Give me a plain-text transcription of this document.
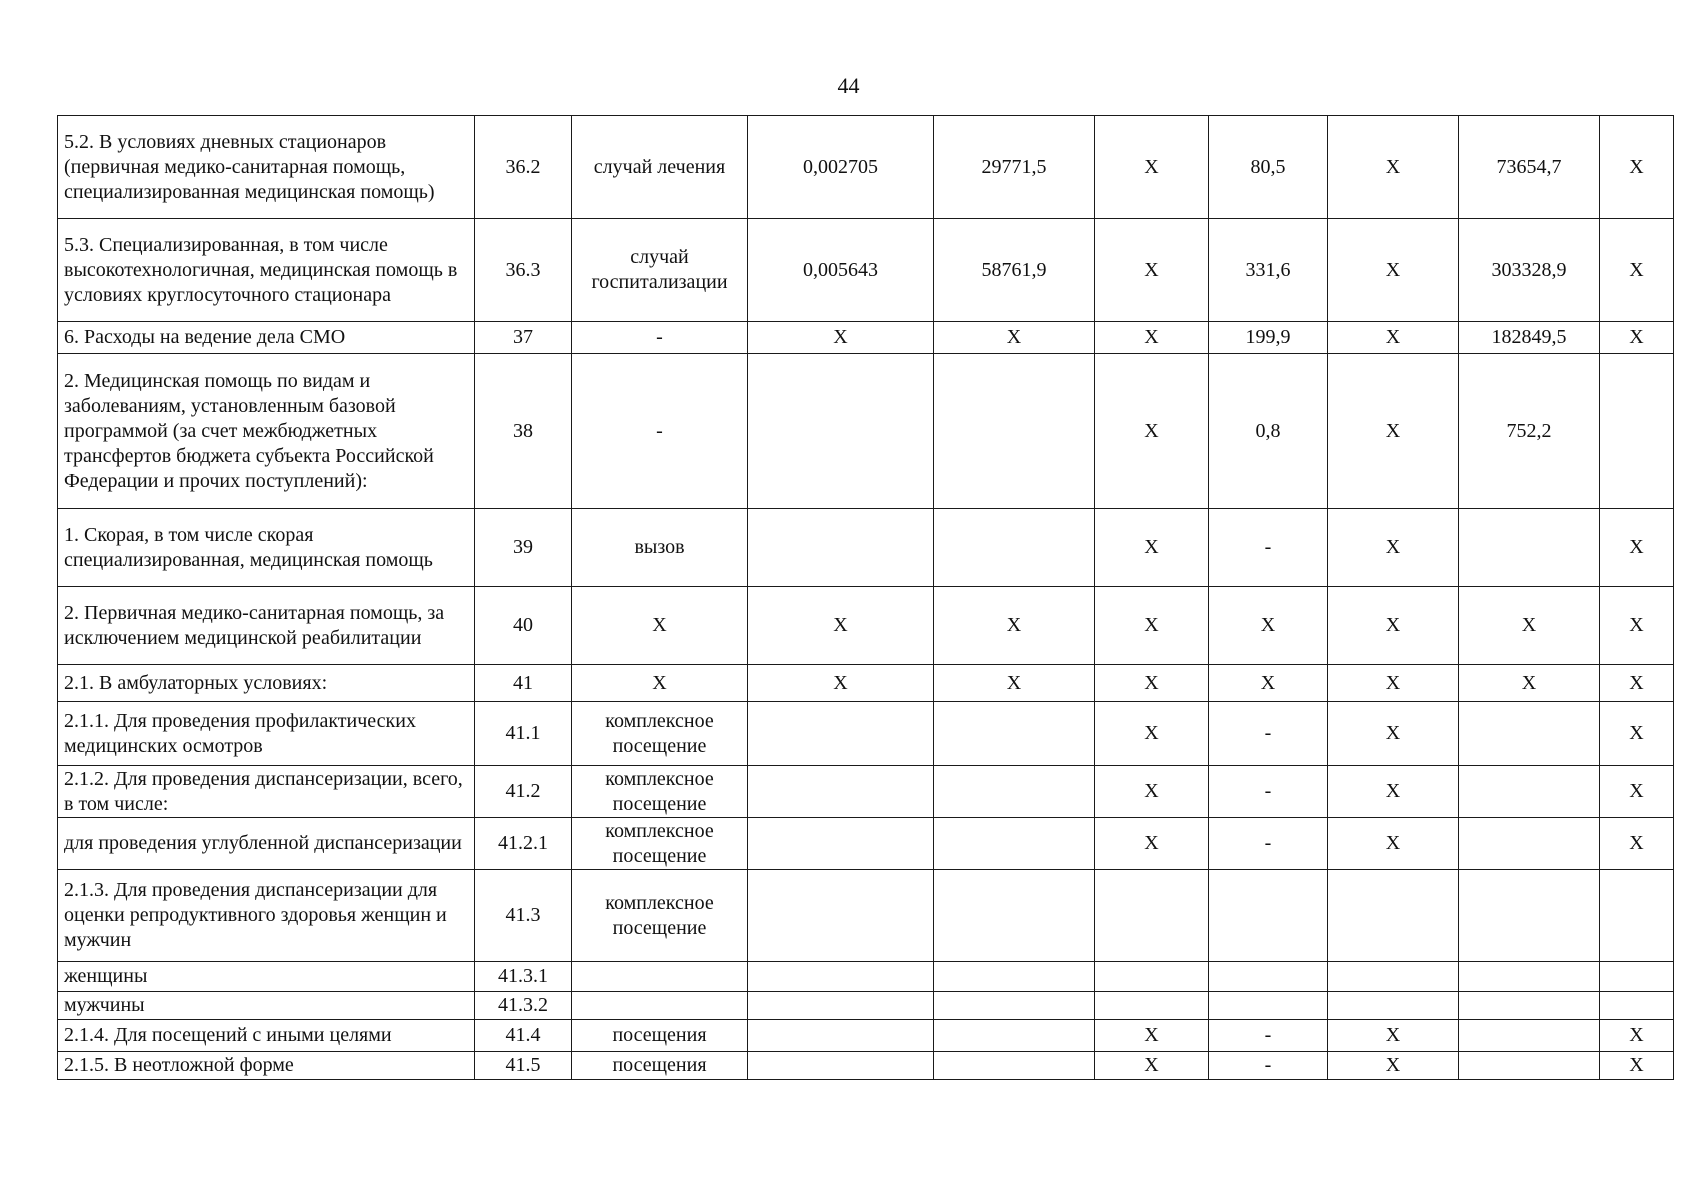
44
5.2. В условиях дневных стационаров (первичная медико-санитарная помощь, специализированная медицинская помощь)	36.2	случай лечения	0,002705	29771,5	Х	80,5	Х	73654,7	Х
5.3. Специализированная, в том числе высокотехнологичная, медицинская помощь в условиях круглосуточного стационара	36.3	случай госпитализации	0,005643	58761,9	Х	331,6	Х	303328,9	Х
6. Расходы на ведение дела СМО	37	-	Х	Х	Х	199,9	Х	182849,5	Х
2. Медицинская помощь по видам и заболеваниям, установленным базовой программой (за счет межбюджетных трансфертов бюджета субъекта Российской Федерации и прочих поступлений):	38	-			Х	0,8	Х	752,2	
1. Скорая, в том числе скорая специализированная, медицинская помощь	39	вызов			Х	-	Х		Х
2. Первичная медико-санитарная помощь, за исключением медицинской реабилитации	40	Х	Х	Х	Х	Х	Х	Х	Х
2.1. В амбулаторных условиях:	41	Х	Х	Х	Х	Х	Х	Х	Х
2.1.1. Для проведения профилактических медицинских осмотров	41.1	комплексное посещение			Х	-	Х		Х
2.1.2. Для проведения диспансеризации, всего, в том числе:	41.2	комплексное посещение			Х	-	Х		Х
для проведения углубленной диспансеризации	41.2.1	комплексное посещение			Х	-	Х		Х
2.1.3. Для проведения диспансеризации для оценки репродуктивного здоровья женщин и мужчин	41.3	комплексное посещение							
женщины	41.3.1								
мужчины	41.3.2								
2.1.4. Для посещений с иными целями	41.4	посещения			Х	-	Х		Х
2.1.5. В неотложной форме	41.5	посещения			Х	-	Х		Х
